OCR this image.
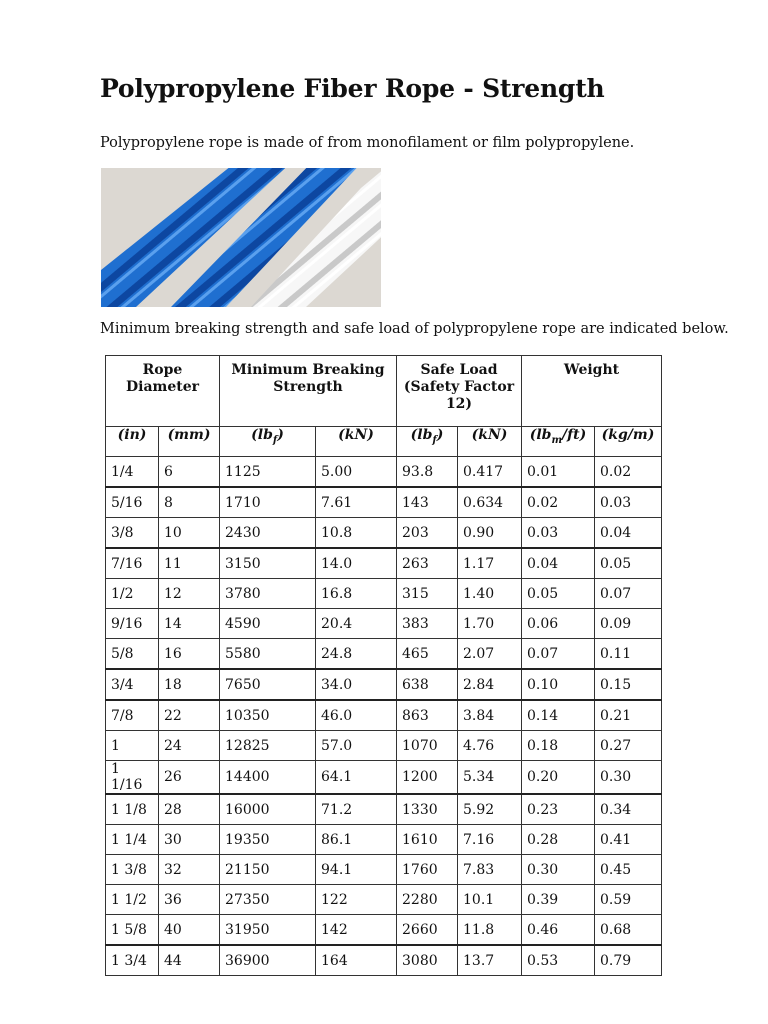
Polypropylene Fiber Rope - Strength

Polypropylene rope is made of from monofilament or film polypropylene.

Minimum breaking strength and safe load of polypropylene rope are indicated below.

Rope Diameter		Minimum Breaking Strength		Safe Load (Safety Factor 12)		Weight	
(in)	(mm)	$(lb_f)$	(kN)	$(lb_f)$	(kN)	$(lb_m/ft)$	(kg/m)
1/4	6	1125	5.00	93.8	0.417	0.01	0.02
5/16	8	1710	7.61	143	0.634	0.02	0.03
3/8	10	2430	10.8	203	0.90	0.03	0.04
7/16	11	3150	14.0	263	1.17	0.04	0.05
1/2	12	3780	16.8	315	1.40	0.05	0.07
9/16	14	4590	20.4	383	1.70	0.06	0.09
5/8	16	5580	24.8	465	2.07	0.07	0.11
3/4	18	7650	34.0	638	2.84	0.10	0.15
7/8	22	10350	46.0	863	3.84	0.14	0.21
1	24	12825	57.0	1070	4.76	0.18	0.27
1 1/16	26	14400	64.1	1200	5.34	0.20	0.30
1 1/8	28	16000	71.2	1330	5.92	0.23	0.34
1 1/4	30	19350	86.1	1610	7.16	0.28	0.41
1 3/8	32	21150	94.1	1760	7.83	0.30	0.45
1 1/2	36	27350	122	2280	10.1	0.39	0.59
1 5/8	40	31950	142	2660	11.8	0.46	0.68
1 3/4	44	36900	164	3080	13.7	0.53	0.79
